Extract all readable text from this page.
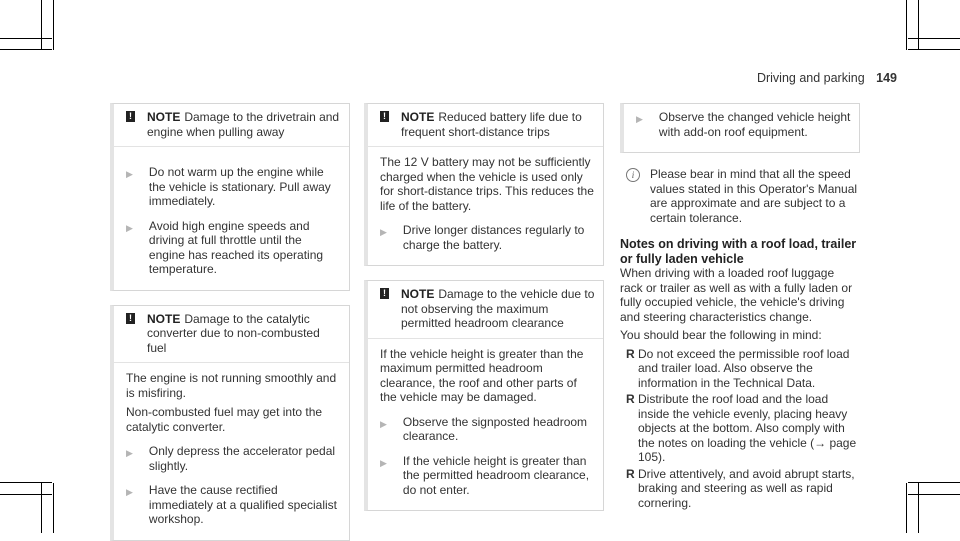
Driving and parking 149
! NOTE Damage to the drivetrain and engine when pulling away
▶ Do not warm up the engine while the vehicle is stationary. Pull away immediately.
▶ Avoid high engine speeds and driving at full throttle until the engine has reached its operating temperature.
! NOTE Damage to the catalytic converter due to non-combusted fuel

The engine is not running smoothly and is misfiring.

Non-combusted fuel may get into the catalytic converter.

▶ Only depress the accelerator pedal slightly.
▶ Have the cause rectified immediately at a qualified specialist workshop.
! NOTE Reduced battery life due to frequent short-distance trips

The 12 V battery may not be sufficiently charged when the vehicle is used only for short-distance trips. This reduces the life of the battery.

▶ Drive longer distances regularly to charge the battery.
! NOTE Damage to the vehicle due to not observing the maximum permitted headroom clearance

If the vehicle height is greater than the maximum permitted headroom clearance, the roof and other parts of the vehicle may be damaged.

▶ Observe the signposted headroom clearance.
▶ If the vehicle height is greater than the permitted headroom clearance, do not enter.
▶ Observe the changed vehicle height with add-on roof equipment.
i	Please bear in mind that all the speed values stated in this Operator's Manual are approximate and are subject to a certain tolerance.
Notes on driving with a roof load, trailer or fully laden vehicle

When driving with a loaded roof luggage rack or trailer as well as with a fully laden or fully occupied vehicle, the vehicle's driving and steering characteristics change.

You should bear the following in mind:

R Do not exceed the permissible roof load and trailer load. Also observe the information in the Technical Data.
R Distribute the roof load and the load inside the vehicle evenly, placing heavy objects at the bottom. Also comply with the notes on loading the vehicle (→ page 105).
R Drive attentively, and avoid abrupt starts, braking and steering as well as rapid cornering.
